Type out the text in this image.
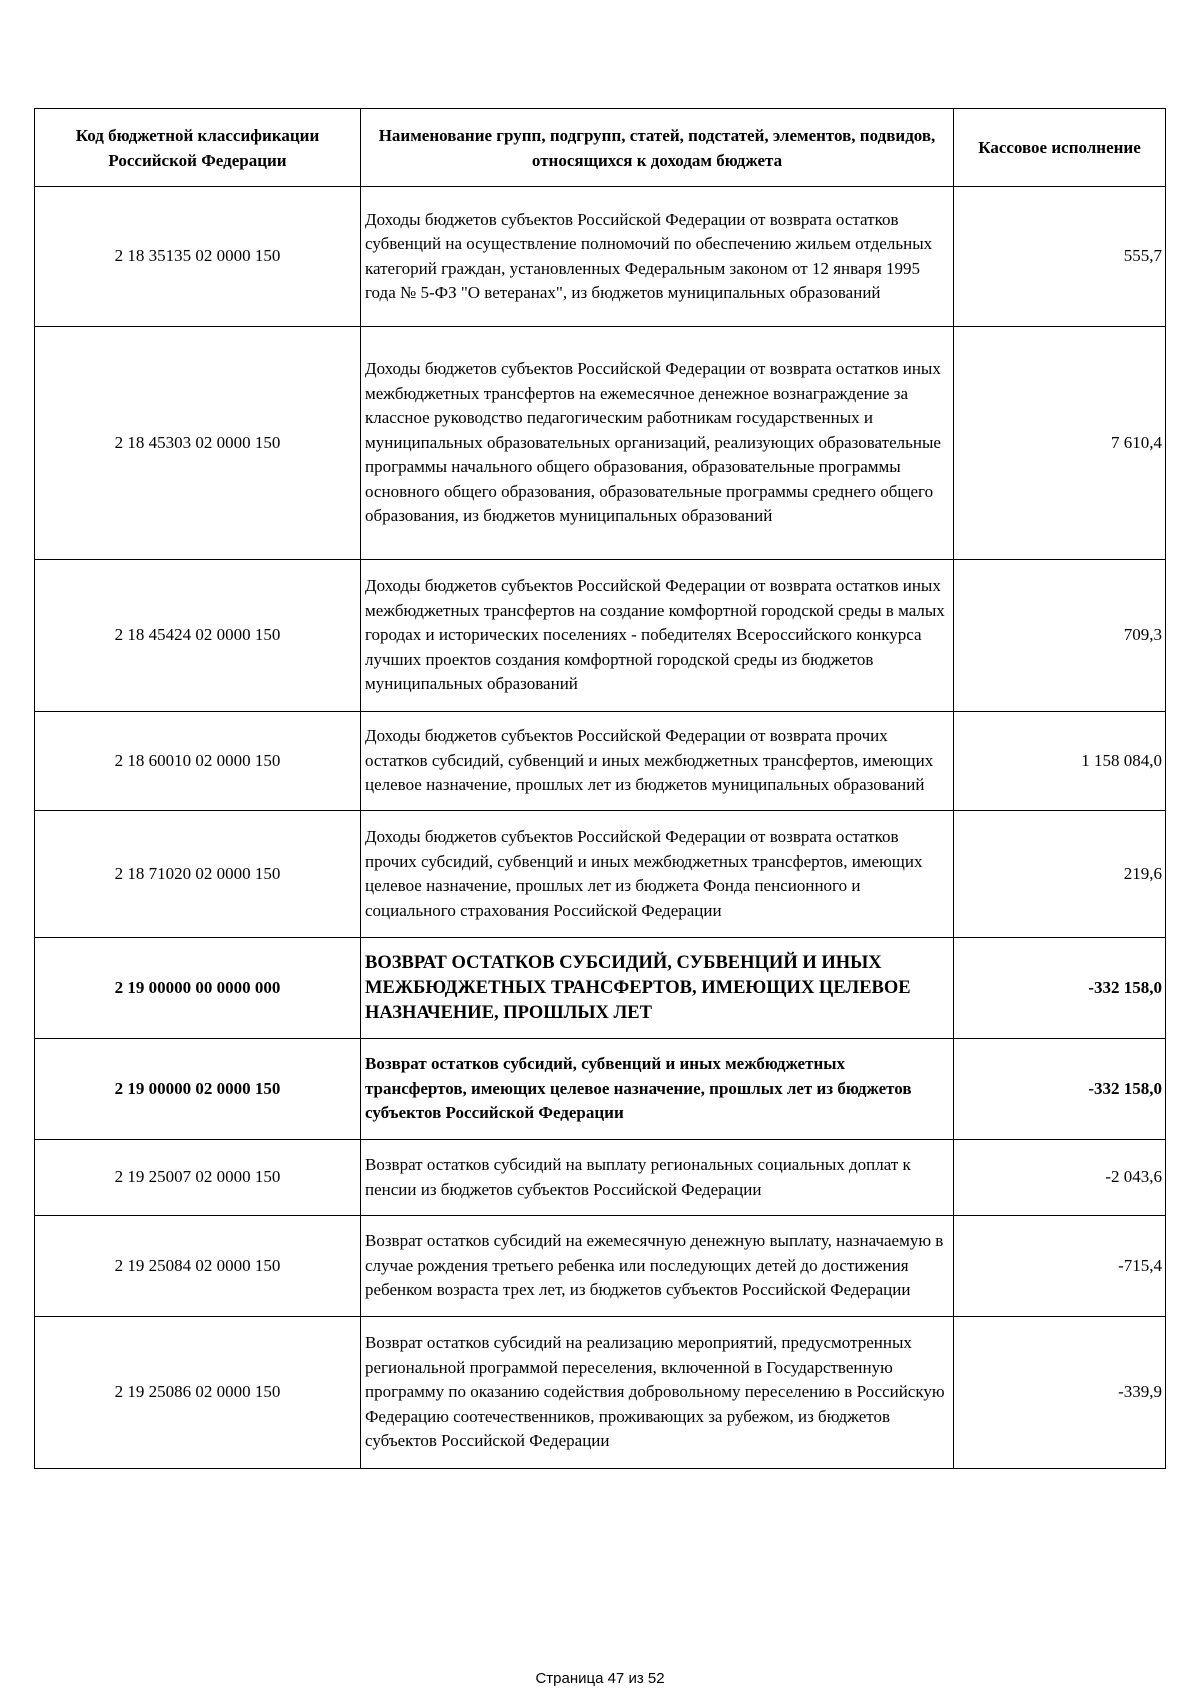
Код бюджетной классификации Российской Федерации	Наименование групп, подгрупп, статей, подстатей, элементов, подвидов, относящихся к доходам бюджета	Кассовое исполнение
2 18 35135 02 0000 150	Доходы бюджетов субъектов Российской Федерации от возврата остатков субвенций на осуществление полномочий по обеспечению жильем отдельных категорий граждан, установленных Федеральным законом от 12 января 1995 года № 5-ФЗ "О ветеранах", из бюджетов муниципальных образований	555,7
2 18 45303 02 0000 150	Доходы бюджетов субъектов Российской Федерации от возврата остатков иных межбюджетных трансфертов на ежемесячное денежное вознаграждение за классное руководство педагогическим работникам государственных и муниципальных образовательных организаций, реализующих образовательные программы начального общего образования, образовательные программы основного общего образования, образовательные программы среднего общего образования, из бюджетов муниципальных образований	7 610,4
2 18 45424 02 0000 150	Доходы бюджетов субъектов Российской Федерации от возврата остатков иных межбюджетных трансфертов на создание комфортной городской среды в малых городах и исторических поселениях - победителях Всероссийского конкурса лучших проектов создания комфортной городской среды из бюджетов муниципальных образований	709,3
2 18 60010 02 0000 150	Доходы бюджетов субъектов Российской Федерации от возврата прочих остатков субсидий, субвенций и иных межбюджетных трансфертов, имеющих целевое назначение, прошлых лет из бюджетов муниципальных образований	1 158 084,0
2 18 71020 02 0000 150	Доходы бюджетов субъектов Российской Федерации от возврата остатков прочих субсидий, субвенций и иных межбюджетных трансфертов, имеющих целевое назначение, прошлых лет из бюджета Фонда пенсионного и социального страхования Российской Федерации	219,6
2 19 00000 00 0000 000	ВОЗВРАТ ОСТАТКОВ СУБСИДИЙ, СУБВЕНЦИЙ И ИНЫХ МЕЖБЮДЖЕТНЫХ ТРАНСФЕРТОВ, ИМЕЮЩИХ ЦЕЛЕВОЕ НАЗНАЧЕНИЕ, ПРОШЛЫХ ЛЕТ	-332 158,0
2 19 00000 02 0000 150	Возврат остатков субсидий, субвенций и иных межбюджетных трансфертов, имеющих целевое назначение, прошлых лет из бюджетов субъектов Российской Федерации	-332 158,0
2 19 25007 02 0000 150	Возврат остатков субсидий на выплату региональных социальных доплат к пенсии из бюджетов субъектов Российской Федерации	-2 043,6
2 19 25084 02 0000 150	Возврат остатков субсидий на ежемесячную денежную выплату, назначаемую в случае рождения третьего ребенка или последующих детей до достижения ребенком возраста трех лет, из бюджетов субъектов Российской Федерации	-715,4
2 19 25086 02 0000 150	Возврат остатков субсидий на реализацию мероприятий, предусмотренных региональной программой переселения, включенной в Государственную программу по оказанию содействия добровольному переселению в Российскую Федерацию соотечественников, проживающих за рубежом, из бюджетов субъектов Российской Федерации	-339,9
Страница 47 из 52
